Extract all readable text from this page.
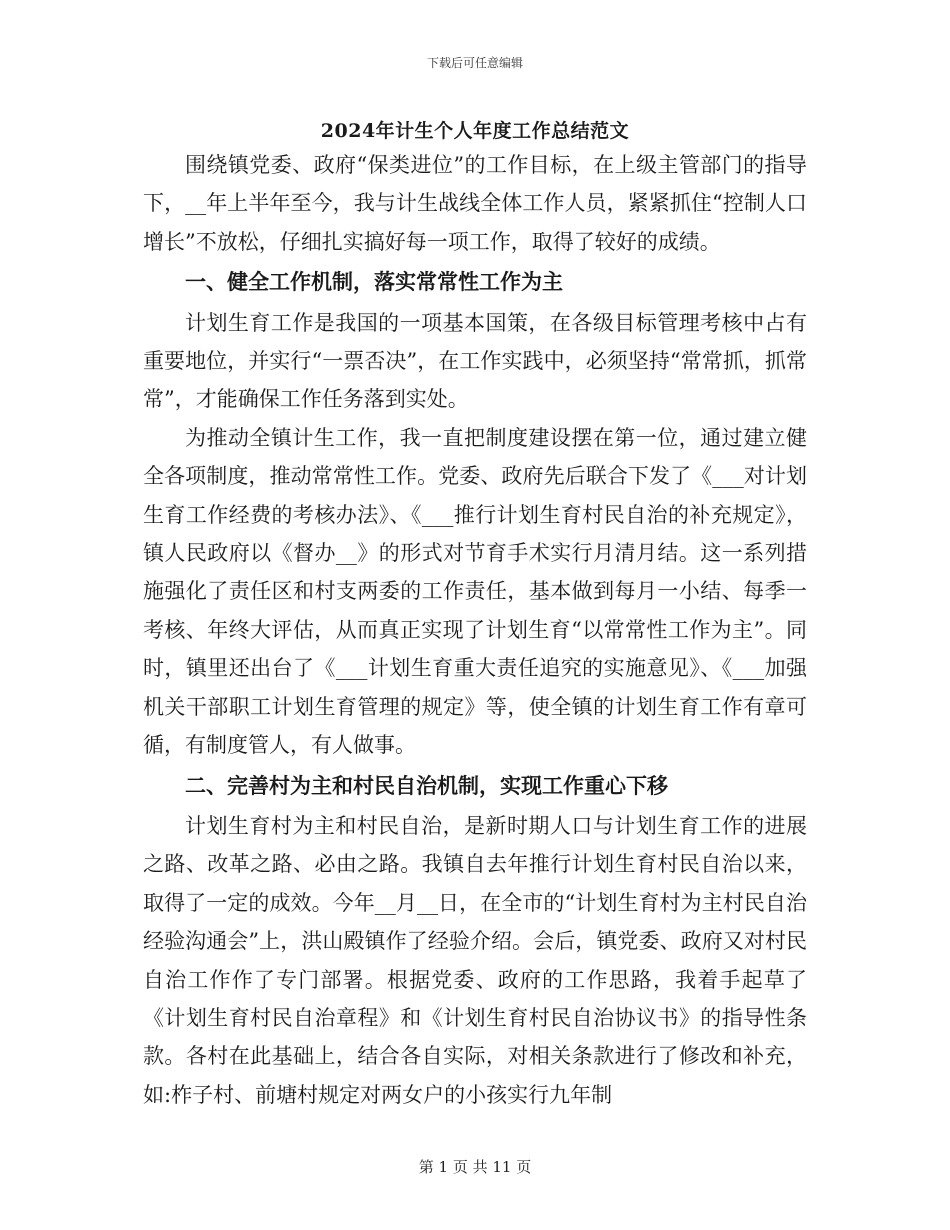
下载后可任意编辑
2024年计生个人年度工作总结范文

围绕镇党委、政府“保类进位”的工作目标，在上级主管部门的指导下，__年上半年至今，我与计生战线全体工作人员，紧紧抓住“控制人口增长”不放松，仔细扎实搞好每一项工作，取得了较好的成绩。

一、健全工作机制，落实常常性工作为主

计划生育工作是我国的一项基本国策，在各级目标管理考核中占有重要地位，并实行“一票否决”，在工作实践中，必须坚持“常常抓，抓常常”，才能确保工作任务落到实处。

为推动全镇计生工作，我一直把制度建设摆在第一位，通过建立健全各项制度，推动常常性工作。党委、政府先后联合下发了《___对计划生育工作经费的考核办法》、《___推行计划生育村民自治的补充规定》，镇人民政府以《督办__》的形式对节育手术实行月清月结。这一系列措施强化了责任区和村支两委的工作责任，基本做到每月一小结、每季一考核、年终大评估，从而真正实现了计划生育“以常常性工作为主”。同时，镇里还出台了《___计划生育重大责任追究的实施意见》、《___加强机关干部职工计划生育管理的规定》等，使全镇的计划生育工作有章可循，有制度管人，有人做事。

二、完善村为主和村民自治机制，实现工作重心下移

计划生育村为主和村民自治，是新时期人口与计划生育工作的进展之路、改革之路、必由之路。我镇自去年推行计划生育村民自治以来，取得了一定的成效。今年__月__日，在全市的“计划生育村为主村民自治经验沟通会”上，洪山殿镇作了经验介绍。会后，镇党委、政府又对村民自治工作作了专门部署。根据党委、政府的工作思路，我着手起草了《计划生育村民自治章程》和《计划生育村民自治协议书》的指导性条款。各村在此基础上，结合各自实际，对相关条款进行了修改和补充，如:柞子村、前塘村规定对两女户的小孩实行九年制

第 1 页 共 11 页
